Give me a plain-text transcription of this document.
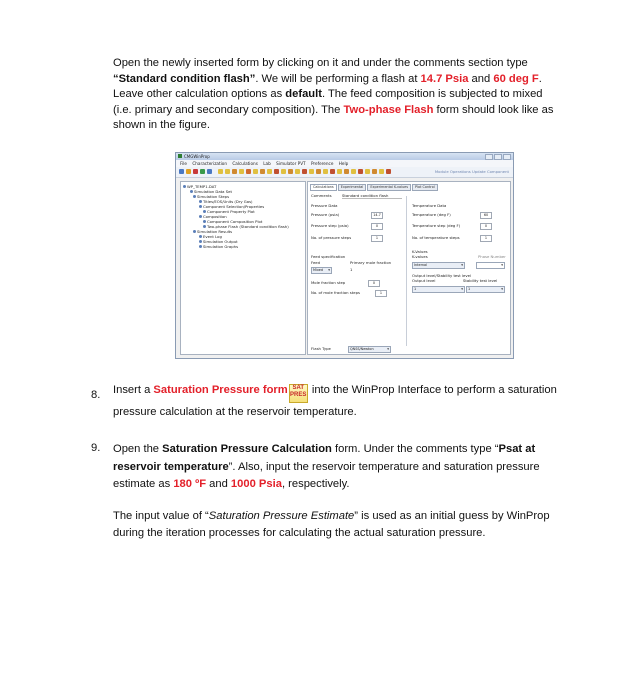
Open the newly inserted form by clicking on it and under the comments section type
“Standard condition flash”. We will be performing a flash at 14.7 Psia and 60 deg F.
Leave other calculation options as default. The feed composition is subjected to mixed
(i.e. primary and secondary composition). The Two-phase Flash form should look like as
shown in the figure.
CMGWinProp
File Characterization Calculations Lab Simulator PVT Preference Help
Module Operations Update Component
WP_TEMP1.DAT
Simulation Data Set
Simulation Steps
Titles/EOS/Units (Dry Gas)
Component Selection/Properties
Component Property Plot
Composition
Component Composition Plot
Two-phase Flash (Standard condition flash)
Simulation Results
Event Log
Simulation Output
Simulation Graphs
Calculations	Experimental	Experimental K-values	Plot Control
Comments	Standard condition flash
Pressure Data
Pressure (psia)	14.7
Pressure step (psia)	0
No. of pressure steps	1
Temperature Data
Temperature (deg F)	60
Temperature step (deg F)	0
No. of temperature steps	1
Feed specification
Feed	Primary mole fraction
Mixed ▾	1
Mole fraction step	0
No. of mole fraction steps	1
K-Values
K-values	Phase Number
Internal ▾
▾
Output level/Stability test level
Output level	Stability test level
1 ▾	1 ▾
Flash Type	QNSS/Newton ▾
8. Insert a Saturation Pressure form SAT
PRES into the WinProp Interface to perform a saturation
pressure calculation at the reservoir temperature.
9. Open the Saturation Pressure Calculation form. Under the comments type “Psat at
reservoir temperature”. Also, input the reservoir temperature and saturation pressure
estimate as 180 ºF and 1000 Psia, respectively.
The input value of “Saturation Pressure Estimate” is used as an initial guess by WinProp
during the iteration processes for calculating the actual saturation pressure.
